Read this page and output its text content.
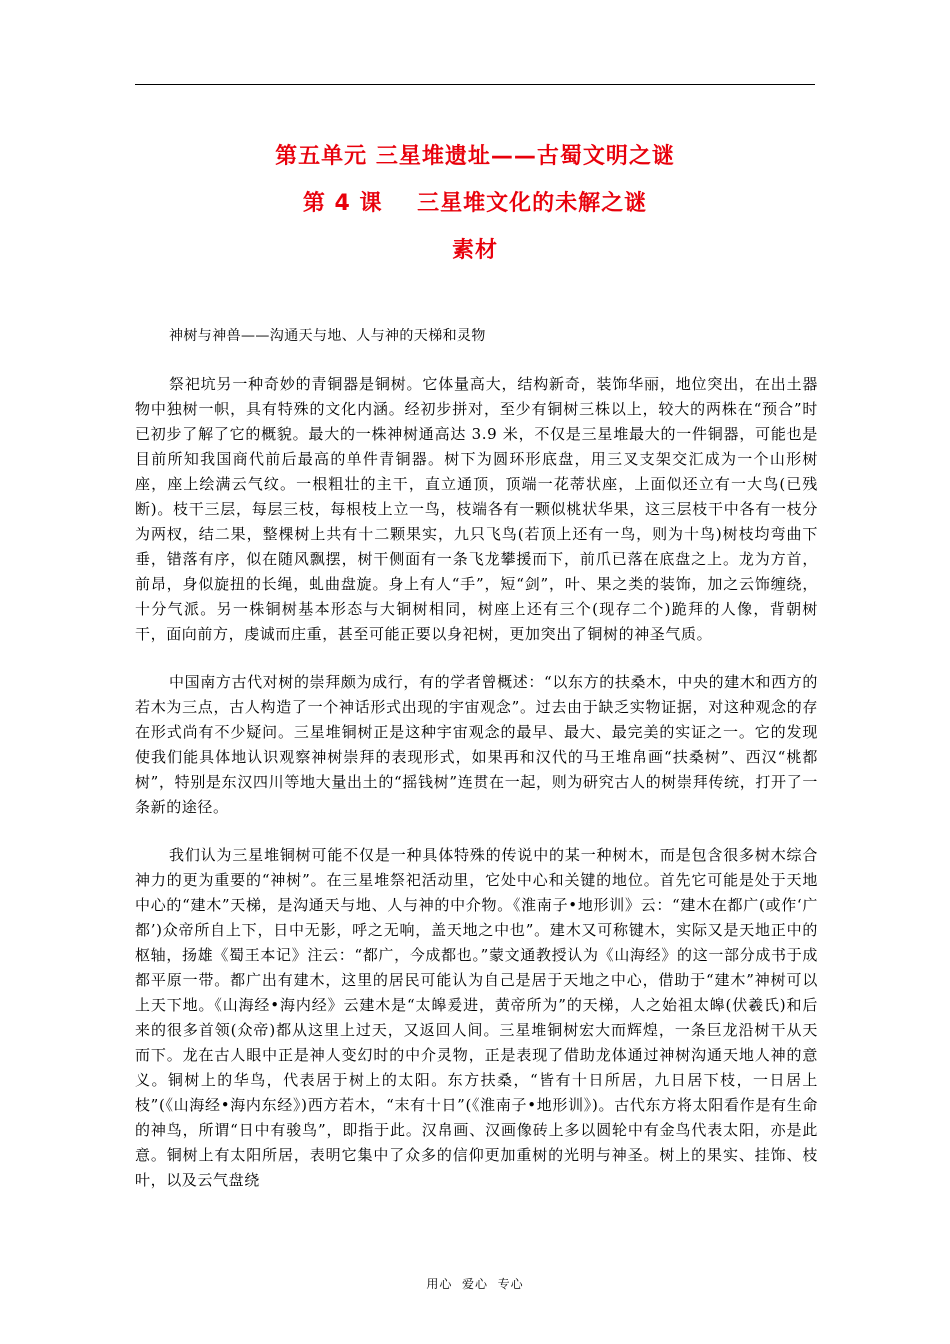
第五单元 三星堆遗址——古蜀文明之谜
第 4 课    三星堆文化的未解之谜
素材

神树与神兽——沟通天与地、人与神的天梯和灵物

祭祀坑另一种奇妙的青铜器是铜树。它体量高大，结构新奇，装饰华丽，地位突出，在出土器物中独树一帜，具有特殊的文化内涵。经初步拼对，至少有铜树三株以上，较大的两株在“预合”时已初步了解了它的概貌。最大的一株神树通高达 3.9 米，不仅是三星堆最大的一件铜器，可能也是目前所知我国商代前后最高的单件青铜器。树下为圆环形底盘，用三叉支架交汇成为一个山形树座，座上绘满云气纹。一根粗壮的主干，直立通顶，顶端一花蒂状座，上面似还立有一大鸟(已残断)。枝干三层，每层三枝，每根枝上立一鸟，枝端各有一颗似桃状华果，这三层枝干中各有一枝分为两杈，结二果，整棵树上共有十二颗果实，九只飞鸟(若顶上还有一鸟，则为十鸟)树枝均弯曲下垂，错落有序，似在随风飘摆，树干侧面有一条飞龙攀援而下，前爪已落在底盘之上。龙为方首，前昂，身似旋扭的长绳，虬曲盘旋。身上有人“手”，短“剑”，叶、果之类的装饰，加之云饰缠绕，十分气派。另一株铜树基本形态与大铜树相同，树座上还有三个(现存二个)跪拜的人像，背朝树干，面向前方，虔诚而庄重，甚至可能正要以身祀树，更加突出了铜树的神圣气质。

中国南方古代对树的崇拜颇为成行，有的学者曾概述：“以东方的扶桑木，中央的建木和西方的若木为三点，古人构造了一个神话形式出现的宇宙观念”。过去由于缺乏实物证据，对这种观念的存在形式尚有不少疑问。三星堆铜树正是这种宇宙观念的最早、最大、最完美的实证之一。它的发现使我们能具体地认识观察神树崇拜的表现形式，如果再和汉代的马王堆帛画“扶桑树”、西汉“桃都树”，特别是东汉四川等地大量出土的“摇钱树”连贯在一起，则为研究古人的树崇拜传统，打开了一条新的途径。

我们认为三星堆铜树可能不仅是一种具体特殊的传说中的某一种树木，而是包含很多树木综合神力的更为重要的“神树”。在三星堆祭祀活动里，它处中心和关键的地位。首先它可能是处于天地中心的“建木”天梯，是沟通天与地、人与神的中介物。《淮南子•地形训》云：“建木在都广(或作‘广都’)众帝所自上下，日中无影，呼之无响，盖天地之中也”。建木又可称键木，实际又是天地正中的枢轴，扬雄《蜀王本记》注云：“都广，今成都也。”蒙文通教授认为《山海经》的这一部分成书于成都平原一带。都广出有建木，这里的居民可能认为自己是居于天地之中心，借助于“建木”神树可以上天下地。《山海经•海内经》云建木是“太皞爰进，黄帝所为”的天梯，人之始祖太皞(伏羲氏)和后来的很多首领(众帝)都从这里上过天，又返回人间。三星堆铜树宏大而辉煌，一条巨龙沿树干从天而下。龙在古人眼中正是神人变幻时的中介灵物，正是表现了借助龙体通过神树沟通天地人神的意义。铜树上的华鸟，代表居于树上的太阳。东方扶桑，“皆有十日所居，九日居下枝，一日居上枝”(《山海经•海内东经》)西方若木，“末有十日”(《淮南子•地形训》)。古代东方将太阳看作是有生命的神鸟，所谓“日中有骏鸟”，即指于此。汉帛画、汉画像砖上多以圆轮中有金鸟代表太阳，亦是此意。铜树上有太阳所居，表明它集中了众多的信仰更加重树的光明与神圣。树上的果实、挂饰、枝叶，以及云气盘绕

用心  爱心  专心
